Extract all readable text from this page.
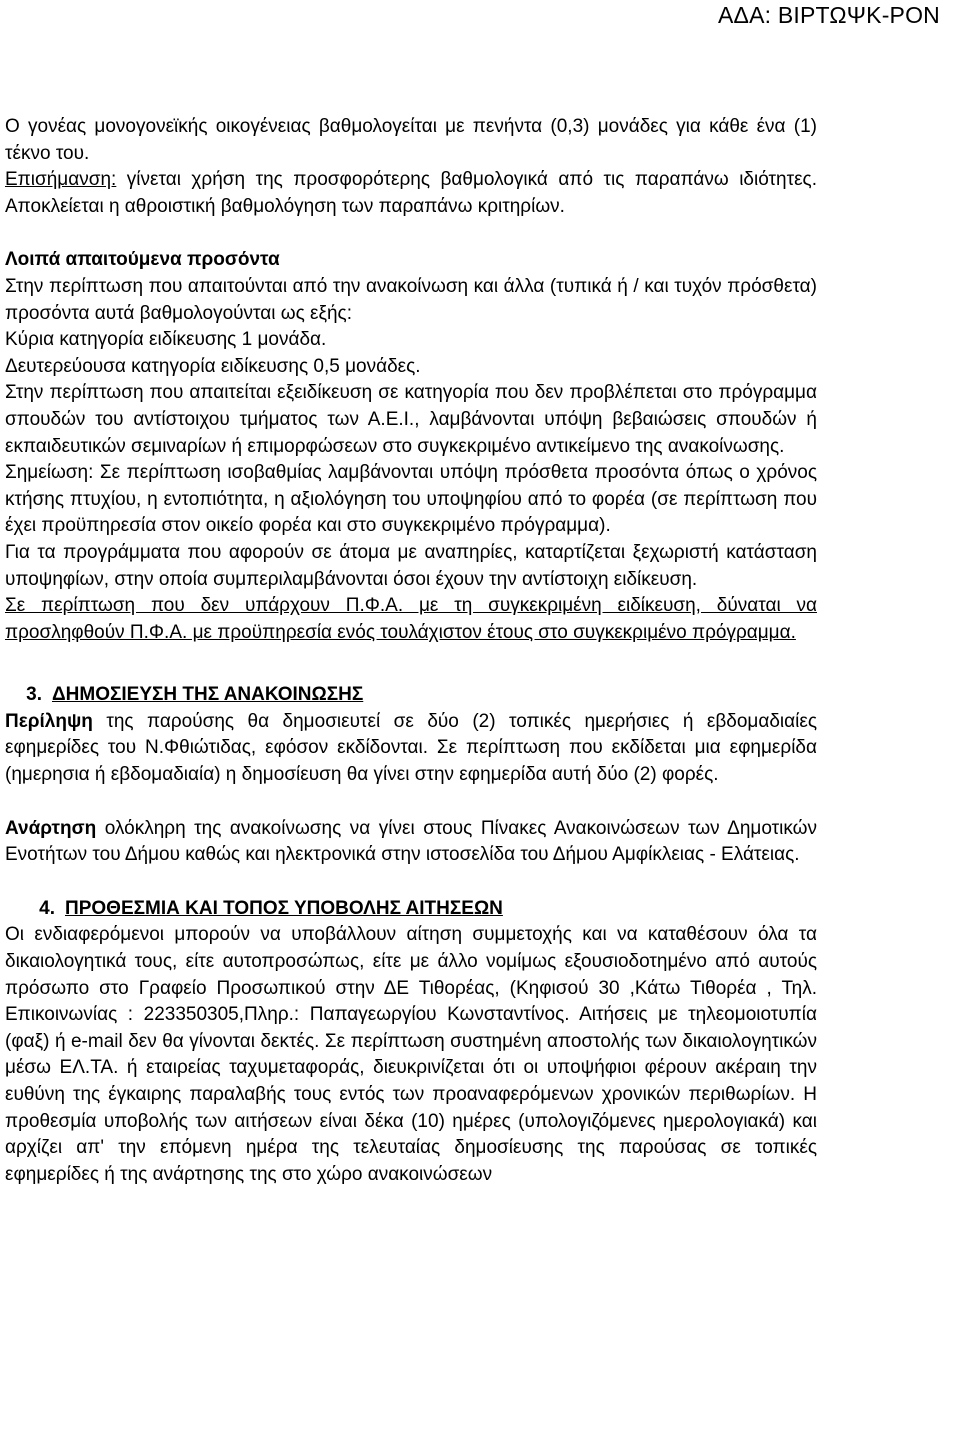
ΑΔΑ: ΒΙΡΤΩΨΚ-ΡΟΝ

Ο γονέας μονογονεϊκής οικογένειας βαθμολογείται με πενήντα (0,3) μονάδες για κάθε ένα (1) τέκνο του.

Επισήμανση: γίνεται χρήση της προσφορότερης βαθμολογικά από τις παραπάνω ιδιότητες. Αποκλείεται η αθροιστική βαθμολόγηση των παραπάνω κριτηρίων.

Λοιπά απαιτούμενα προσόντα

Στην περίπτωση που απαιτούνται από την ανακοίνωση και άλλα (τυπικά ή / και τυχόν πρόσθετα) προσόντα αυτά βαθμολογούνται ως εξής:

Κύρια κατηγορία ειδίκευσης 1 μονάδα.

Δευτερεύουσα κατηγορία ειδίκευσης 0,5 μονάδες.

Στην περίπτωση που απαιτείται εξειδίκευση σε κατηγορία που δεν προβλέπεται στο πρόγραμμα σπουδών του αντίστοιχου τμήματος των Α.Ε.Ι., λαμβάνονται υπόψη βεβαιώσεις σπουδών ή εκπαιδευτικών σεμιναρίων ή επιμορφώσεων στο συγκεκριμένο αντικείμενο της ανακοίνωσης.

Σημείωση: Σε περίπτωση ισοβαθμίας λαμβάνονται υπόψη πρόσθετα προσόντα όπως ο χρόνος κτήσης πτυχίου, η εντοπιότητα, η αξιολόγηση του υποψηφίου από το φορέα (σε περίπτωση που έχει προϋπηρεσία στον οικείο φορέα και στο συγκεκριμένο πρόγραμμα).

Για τα προγράμματα που αφορούν σε άτομα με αναπηρίες, καταρτίζεται ξεχωριστή κατάσταση υποψηφίων, στην οποία συμπεριλαμβάνονται όσοι έχουν την αντίστοιχη ειδίκευση.

Σε περίπτωση που δεν υπάρχουν Π.Φ.Α. με τη συγκεκριμένη ειδίκευση, δύναται να προσληφθούν Π.Φ.Α. με προϋπηρεσία ενός τουλάχιστον έτους στο συγκεκριμένο πρόγραμμα.

3. ΔΗΜΟΣΙΕΥΣΗ ΤΗΣ ΑΝΑΚΟΙΝΩΣΗΣ

Περίληψη της παρούσης θα δημοσιευτεί σε δύο (2) τοπικές ημερήσιες ή εβδομαδιαίες εφημερίδες του Ν.Φθιώτιδας, εφόσον εκδίδονται. Σε περίπτωση που εκδίδεται μια εφημερίδα (ημερησια ή εβδομαδιαία) η δημοσίευση θα γίνει στην εφημερίδα αυτή δύο (2) φορές.

Ανάρτηση ολόκληρη της ανακοίνωσης να γίνει στους Πίνακες Ανακοινώσεων των Δημοτικών Ενοτήτων του Δήμου καθώς και ηλεκτρονικά στην ιστοσελίδα του Δήμου Αμφίκλειας - Ελάτειας.

4. ΠΡΟΘΕΣΜΙΑ ΚΑΙ ΤΟΠΟΣ ΥΠΟΒΟΛΗΣ ΑΙΤΗΣΕΩΝ

Οι ενδιαφερόμενοι μπορούν να υποβάλλουν αίτηση συμμετοχής και να καταθέσουν όλα τα δικαιολογητικά τους, είτε αυτοπροσώπως, είτε με άλλο νομίμως εξουσιοδοτημένο από αυτούς πρόσωπο στο Γραφείο Προσωπικού στην ΔΕ Τιθορέας, (Κηφισού 30 ,Κάτω Τιθορέα , Τηλ. Επικοινωνίας : 223350305,Πληρ.: Παπαγεωργίου Κωνσταντίνος. Αιτήσεις με τηλεομοιοτυπία (φαξ) ή e-mail δεν θα γίνονται δεκτές. Σε περίπτωση συστημένη αποστολής των δικαιολογητικών μέσω ΕΛ.ΤΑ. ή εταιρείας ταχυμεταφοράς, διευκρινίζεται ότι οι υποψήφιοι φέρουν ακέραιη την ευθύνη της έγκαιρης παραλαβής τους εντός των προαναφερόμενων χρονικών περιθωρίων. Η προθεσμία υποβολής των αιτήσεων είναι δέκα (10) ημέρες (υπολογιζόμενες ημερολογιακά) και αρχίζει απ' την επόμενη ημέρα της τελευταίας δημοσίευσης της παρούσας σε τοπικές εφημερίδες ή της ανάρτησης της στο χώρο ανακοινώσεων
